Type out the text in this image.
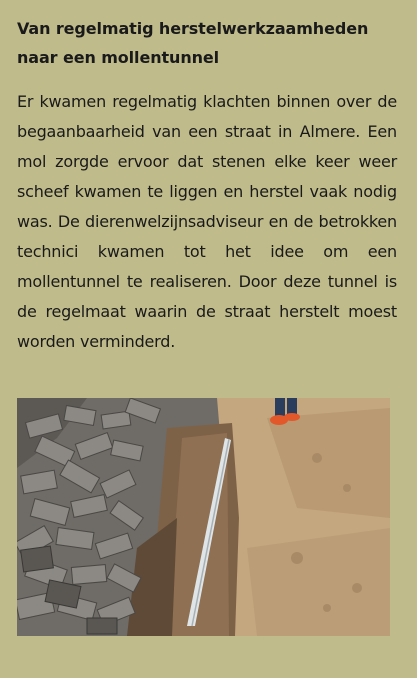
Van regelmatig herstelwerkzaamheden naar een mollentunnel

Er kwamen regelmatig klachten binnen over de begaanbaarheid van een straat in Almere. Een mol zorgde ervoor dat stenen elke keer weer scheef kwamen te liggen en herstel vaak nodig was. De dierenwelzijnsadviseur en de betrokken technici kwamen tot het idee om een mollentunnel te realiseren. Door deze tunnel is de regelmaat waarin de straat herstelt moest worden verminderd.
